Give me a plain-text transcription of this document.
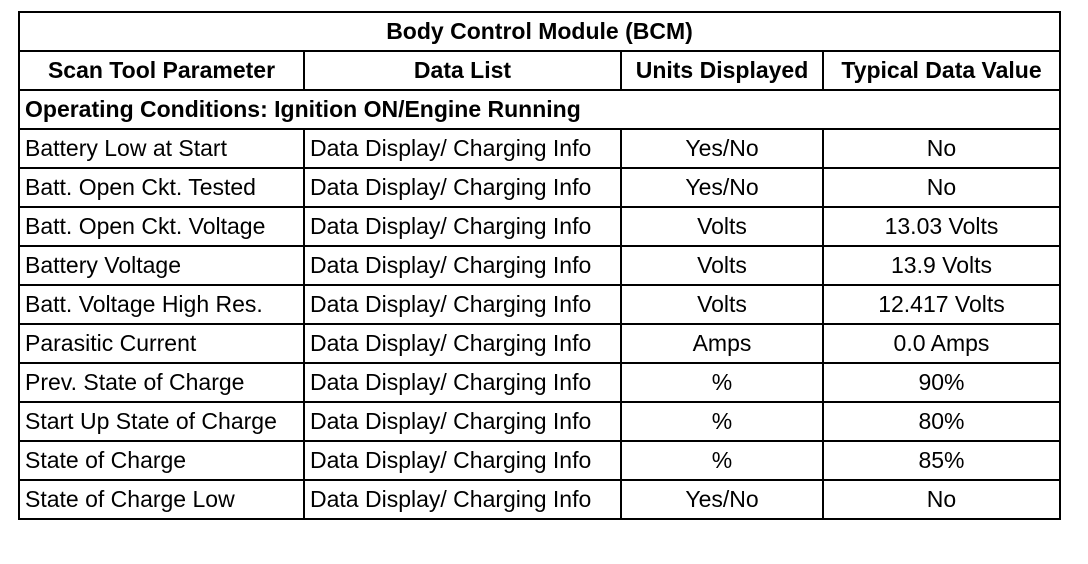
Body Control Module (BCM)			
Scan Tool Parameter	Data List	Units Displayed	Typical Data Value
Operating Conditions: Ignition ON/Engine Running			
Battery Low at Start	Data Display/ Charging Info	Yes/No	No
Batt. Open Ckt. Tested	Data Display/ Charging Info	Yes/No	No
Batt. Open Ckt. Voltage	Data Display/ Charging Info	Volts	13.03 Volts
Battery Voltage	Data Display/ Charging Info	Volts	13.9 Volts
Batt. Voltage High Res.	Data Display/ Charging Info	Volts	12.417 Volts
Parasitic Current	Data Display/ Charging Info	Amps	0.0 Amps
Prev. State of Charge	Data Display/ Charging Info	%	90%
Start Up State of Charge	Data Display/ Charging Info	%	80%
State of Charge	Data Display/ Charging Info	%	85%
State of Charge Low	Data Display/ Charging Info	Yes/No	No
